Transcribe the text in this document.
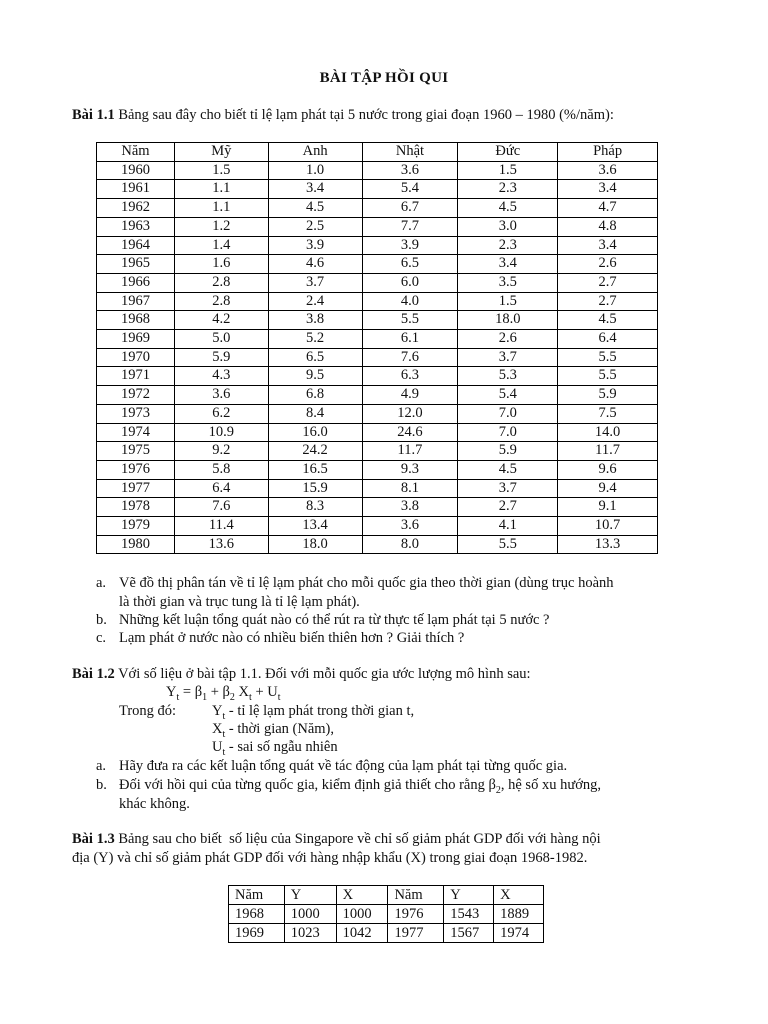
BÀI TẬP HỒI QUI
Bài 1.1 Bảng sau đây cho biết tỉ lệ lạm phát tại 5 nước trong giai đoạn 1960 – 1980 (%/năm):
Năm	Mỹ	Anh	Nhật	Đức	Pháp
1960	1.5	1.0	3.6	1.5	3.6
1961	1.1	3.4	5.4	2.3	3.4
1962	1.1	4.5	6.7	4.5	4.7
1963	1.2	2.5	7.7	3.0	4.8
1964	1.4	3.9	3.9	2.3	3.4
1965	1.6	4.6	6.5	3.4	2.6
1966	2.8	3.7	6.0	3.5	2.7
1967	2.8	2.4	4.0	1.5	2.7
1968	4.2	3.8	5.5	18.0	4.5
1969	5.0	5.2	6.1	2.6	6.4
1970	5.9	6.5	7.6	3.7	5.5
1971	4.3	9.5	6.3	5.3	5.5
1972	3.6	6.8	4.9	5.4	5.9
1973	6.2	8.4	12.0	7.0	7.5
1974	10.9	16.0	24.6	7.0	14.0
1975	9.2	24.2	11.7	5.9	11.7
1976	5.8	16.5	9.3	4.5	9.6
1977	6.4	15.9	8.1	3.7	9.4
1978	7.6	8.3	3.8	2.7	9.1
1979	11.4	13.4	3.6	4.1	10.7
1980	13.6	18.0	8.0	5.5	13.3
a. Vẽ đồ thị phân tán về tỉ lệ lạm phát cho mỗi quốc gia theo thời gian (dùng trục hoành
là thời gian và trục tung là tỉ lệ lạm phát).
b. Những kết luận tổng quát nào có thể rút ra từ thực tế lạm phát tại 5 nước ?
c. Lạm phát ở nước nào có nhiều biến thiên hơn ? Giải thích ?
Bài 1.2 Với số liệu ở bài tập 1.1. Đối với mỗi quốc gia ước lượng mô hình sau:
$Y_t = \beta_1 + \beta_2$ $X_t + U_t$
Trong đó: $Y_t$ - tỉ lệ lạm phát trong thời gian t,
$X_t$ - thời gian (Năm),
$U_t$ - sai số ngẫu nhiên
a. Hãy đưa ra các kết luận tổng quát về tác động của lạm phát tại từng quốc gia.
b. Đối với hồi qui của từng quốc gia, kiểm định giả thiết cho rằng $\beta_2$, hệ số xu hướng,
khác không.
Bài 1.3 Bảng sau cho biết  số liệu của Singapore về chỉ số giảm phát GDP đối với hàng nội
địa (Y) và chỉ số giảm phát GDP đối với hàng nhập khẩu (X) trong giai đoạn 1968-1982.
Năm	Y	X	Năm	Y	X
1968	1000	1000	1976	1543	1889
1969	1023	1042	1977	1567	1974
